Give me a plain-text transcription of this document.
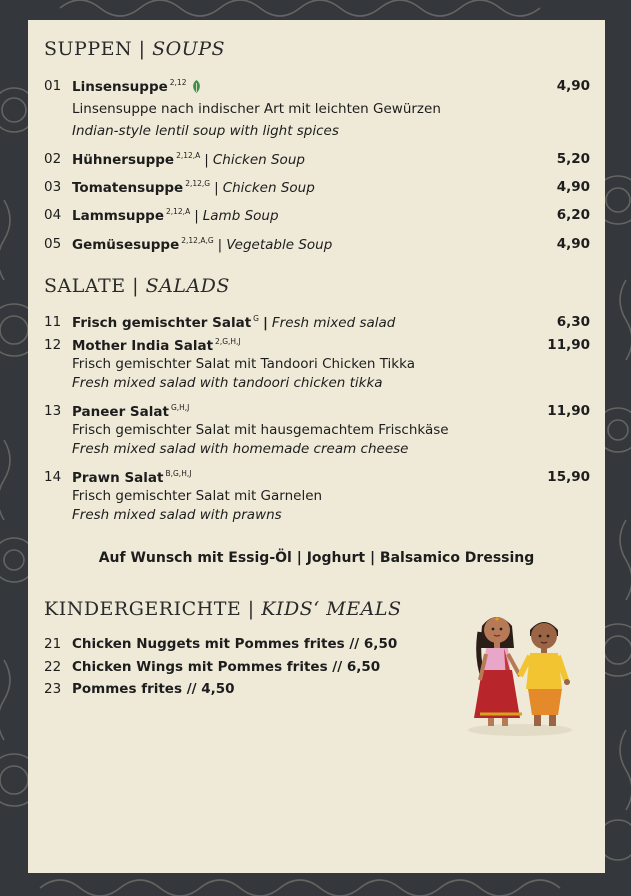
SUPPEN | SOUPS
01 Linsensuppe $^{2,12}$	4,90
Linsensuppe nach indischer Art mit leichten Gewürzen
Indian-style lentil soup with light spices
02 Hühnersuppe $^{2,12,A}$ | Chicken Soup	5,20
03 Tomatensuppe $^{2,12,G}$ | Chicken Soup	4,90
04 Lammsuppe $^{2,12,A}$ | Lamb Soup	6,20
05 Gemüsesuppe $^{2,12,A,G}$ | Vegetable Soup	4,90
SALATE | SALADS
11 Frisch gemischter Salat $^G$ | Fresh mixed salad	6,30
12 Mother India Salat $^{2,G,H,J}$	11,90
Frisch gemischter Salat mit Tandoori Chicken Tikka
Fresh mixed salad with tandoori chicken tikka
13 Paneer Salat $^{G,H,J}$	11,90
Frisch gemischter Salat mit hausgemachtem Frischkäse
Fresh mixed salad with homemade cream cheese
14 Prawn Salat $^{B,G,H,J}$	15,90
Frisch gemischter Salat mit Garnelen
Fresh mixed salad with prawns
Auf Wunsch mit Essig-Öl | Joghurt | Balsamico Dressing
KINDERGERICHTE | KIDS‘ MEALS
21 Chicken Nuggets mit Pommes frites // 6,50
22 Chicken Wings mit Pommes frites // 6,50
23 Pommes frites // 4,50
